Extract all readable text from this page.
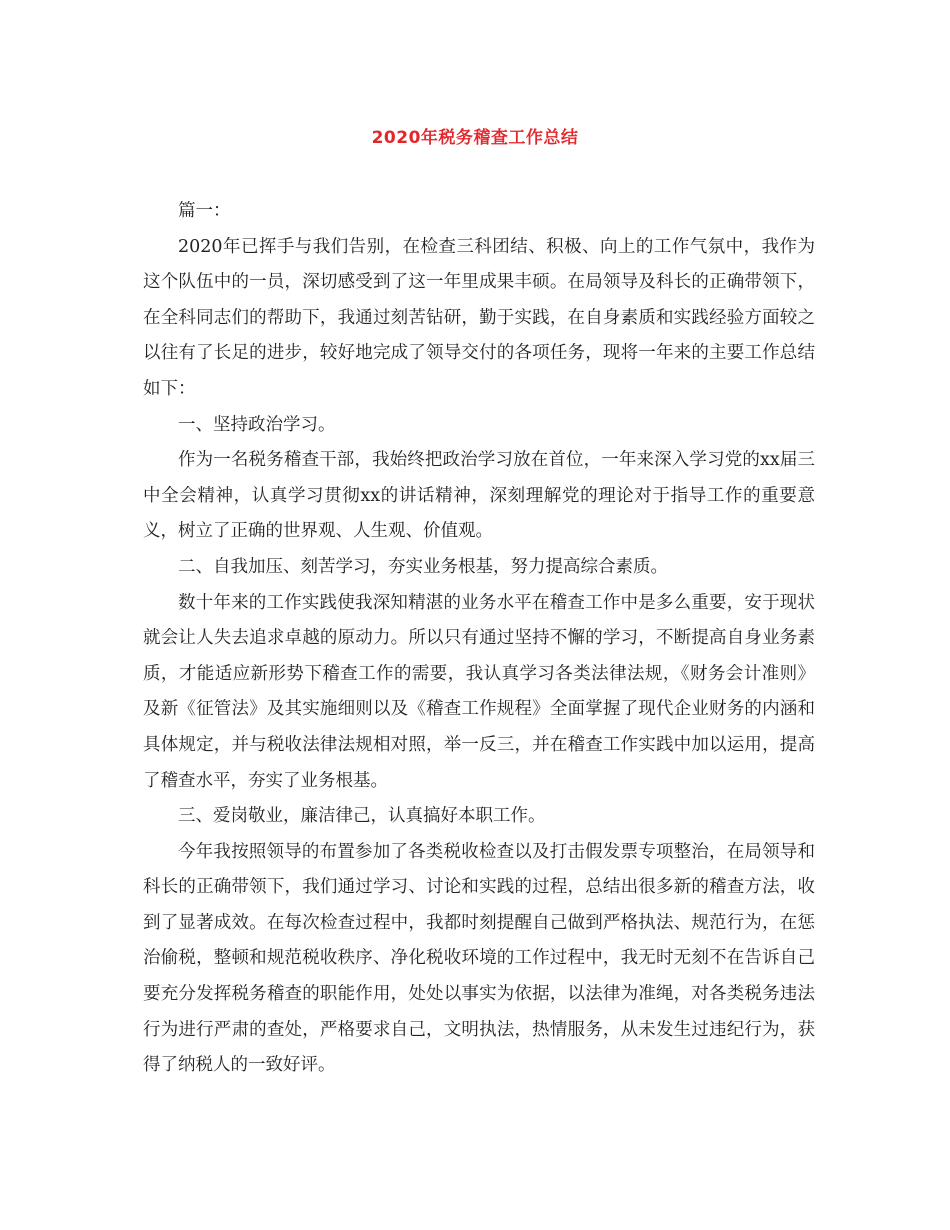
2020年税务稽查工作总结

篇一：

2020年已挥手与我们告别，在检查三科团结、积极、向上的工作气氛中，我作为这个队伍中的一员，深切感受到了这一年里成果丰硕。在局领导及科长的正确带领下，在全科同志们的帮助下，我通过刻苦钻研，勤于实践，在自身素质和实践经验方面较之以往有了长足的进步，较好地完成了领导交付的各项任务，现将一年来的主要工作总结如下：

一、坚持政治学习。

作为一名税务稽查干部，我始终把政治学习放在首位，一年来深入学习党的xx届三中全会精神，认真学习贯彻xx的讲话精神，深刻理解党的理论对于指导工作的重要意义，树立了正确的世界观、人生观、价值观。

二、自我加压、刻苦学习，夯实业务根基，努力提高综合素质。

数十年来的工作实践使我深知精湛的业务水平在稽查工作中是多么重要，安于现状就会让人失去追求卓越的原动力。所以只有通过坚持不懈的学习，不断提高自身业务素质，才能适应新形势下稽查工作的需要，我认真学习各类法律法规，《财务会计准则》及新《征管法》及其实施细则以及《稽查工作规程》全面掌握了现代企业财务的内涵和具体规定，并与税收法律法规相对照，举一反三，并在稽查工作实践中加以运用，提高了稽查水平，夯实了业务根基。

三、爱岗敬业，廉洁律己，认真搞好本职工作。

今年我按照领导的布置参加了各类税收检查以及打击假发票专项整治，在局领导和科长的正确带领下，我们通过学习、讨论和实践的过程，总结出很多新的稽查方法，收到了显著成效。在每次检查过程中，我都时刻提醒自己做到严格执法、规范行为，在惩治偷税，整顿和规范税收秩序、净化税收环境的工作过程中，我无时无刻不在告诉自己要充分发挥税务稽查的职能作用，处处以事实为依据，以法律为准绳，对各类税务违法行为进行严肃的查处，严格要求自己，文明执法，热情服务，从未发生过违纪行为，获得了纳税人的一致好评。
